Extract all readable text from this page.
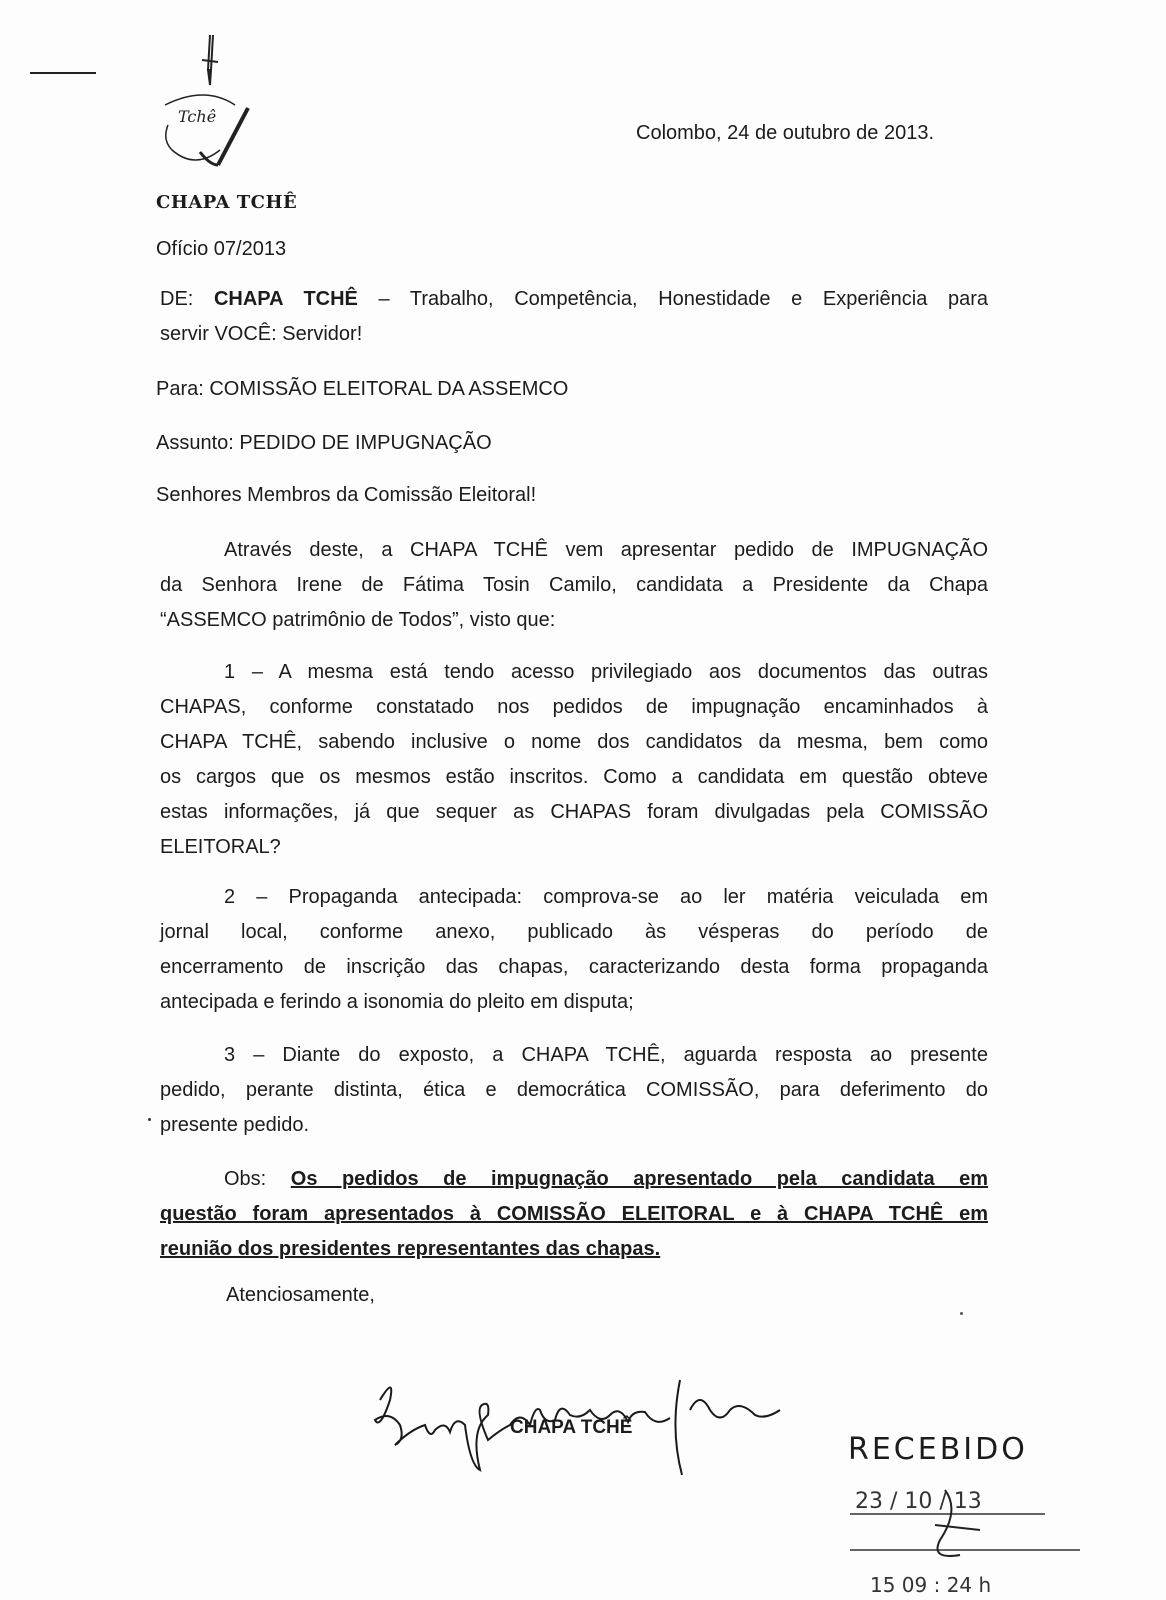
Tchê
Colombo, 24 de outubro de 2013.
CHAPA TCHÊ
Ofício 07/2013
DE: CHAPA TCHÊ – Trabalho, Competência, Honestidade e Experiência para
servir VOCÊ: Servidor!
Para: COMISSÃO ELEITORAL DA ASSEMCO
Assunto: PEDIDO DE IMPUGNAÇÃO
Senhores Membros da Comissão Eleitoral!
Através deste, a CHAPA TCHÊ vem apresentar pedido de IMPUGNAÇÃO
da Senhora Irene de Fátima Tosin Camilo, candidata a Presidente da Chapa
“ASSEMCO patrimônio de Todos”, visto que:
1 – A mesma está tendo acesso privilegiado aos documentos das outras
CHAPAS, conforme constatado nos pedidos de impugnação encaminhados à
CHAPA TCHÊ, sabendo inclusive o nome dos candidatos da mesma, bem como
os cargos que os mesmos estão inscritos. Como a candidata em questão obteve
estas informações, já que sequer as CHAPAS foram divulgadas pela COMISSÃO
ELEITORAL?
2 – Propaganda antecipada: comprova-se ao ler matéria veiculada em
jornal local, conforme anexo, publicado às vésperas do período de
encerramento de inscrição das chapas, caracterizando desta forma propaganda
antecipada e ferindo a isonomia do pleito em disputa;
3 – Diante do exposto, a CHAPA TCHÊ, aguarda resposta ao presente
pedido, perante distinta, ética e democrática COMISSÃO, para deferimento do
presente pedido.
Obs: Os pedidos de impugnação apresentado pela candidata em
questão foram apresentados à COMISSÃO ELEITORAL e à CHAPA TCHÊ em
reunião dos presidentes representantes das chapas.
Atenciosamente,
CHAPA TCHÊ
RECEBIDO
23 / 10 / 13
15 09 : 24 h
